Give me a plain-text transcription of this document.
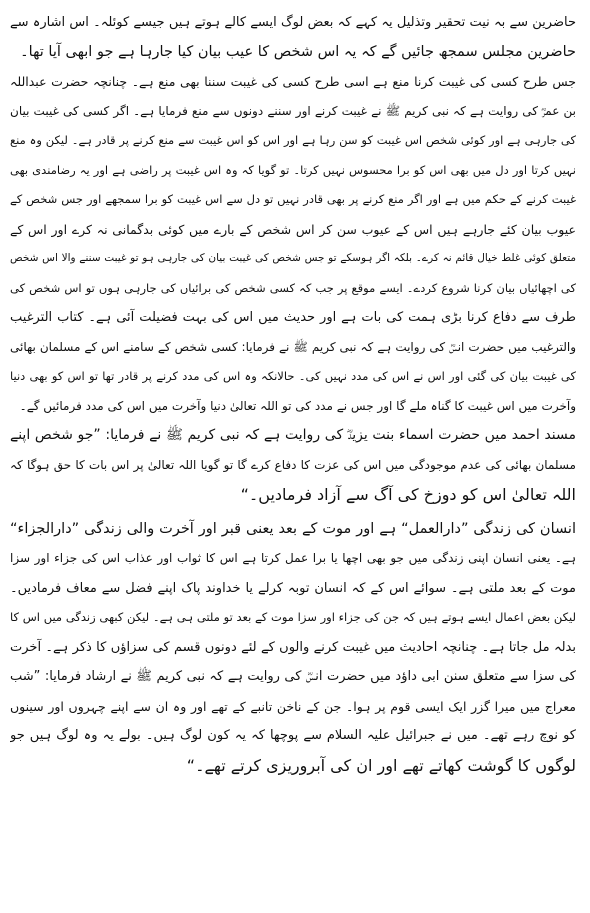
حاضرین سے بہ نیت تحقیر وتذلیل یہ کہے کہ بعض لوگ ایسے کالے ہوتے ہیں جیسے کوئلہ۔ اس اشارہ سے
حاضرین مجلس سمجھ جائیں گے کہ یہ اس شخص کا عیب بیان کیا جارہا ہے جو ابھی آیا تھا۔
جس طرح کسی کی غیبت کرنا منع ہے اسی طرح کسی کی غیبت سننا بھی منع ہے۔ چنانچہ حضرت عبداللہ
بن عمرؓ کی روایت ہے کہ نبی کریم ﷺ نے غیبت کرنے اور سننے دونوں سے منع فرمایا ہے۔ اگر کسی کی غیبت بیان
کی جارہی ہے اور کوئی شخص اس غیبت کو سن رہا ہے اور اس کو اس غیبت سے منع کرنے پر قادر ہے۔ لیکن وہ منع
نہیں کرتا اور دل میں بھی اس کو برا محسوس نہیں کرتا۔ تو گویا کہ وہ اس غیبت پر راضی ہے اور یہ رضامندی بھی
غیبت کرنے کے حکم میں ہے اور اگر منع کرنے پر بھی قادر نہیں تو دل سے اس غیبت کو برا سمجھے اور جس شخص کے
عیوب بیان کئے جارہے ہیں اس کے عیوب سن کر اس شخص کے بارے میں کوئی بدگمانی نہ کرے اور اس کے
متعلق کوئی غلط خیال قائم نہ کرے۔ بلکہ اگر ہوسکے تو جس شخص کی غیبت بیان کی جارہی ہو تو غیبت سننے والا اس شخص
کی اچھائیاں بیان کرنا شروع کردے۔ ایسے موقع پر جب کہ کسی شخص کی برائیاں کی جارہی ہوں تو اس شخص کی
طرف سے دفاع کرنا بڑی ہمت کی بات ہے اور حدیث میں اس کی بہت فضیلت آئی ہے۔ کتاب الترغیب
والترغیب میں حضرت انسؓ کی روایت ہے کہ نبی کریم ﷺ نے فرمایا: کسی شخص کے سامنے اس کے مسلمان بھائی
کی غیبت بیان کی گئی اور اس نے اس کی مدد نہیں کی۔ حالانکہ وہ اس کی مدد کرنے پر قادر تھا تو اس کو بھی دنیا
وآخرت میں اس غیبت کا گناہ ملے گا اور جس نے مدد کی تو اللہ تعالیٰ دنیا وآخرت میں اس کی مدد فرمائیں گے۔
مسند احمد میں حضرت اسماء بنت یزیدؓ کی روایت ہے کہ نبی کریم ﷺ نے فرمایا: ”جو شخص اپنے
مسلمان بھائی کی عدم موجودگی میں اس کی عزت کا دفاع کرے گا تو گویا اللہ تعالیٰ پر اس بات کا حق ہوگا کہ
اللہ تعالیٰ اس کو دوزخ کی آگ سے آزاد فرمادیں۔“
انسان کی زندگی ”دارالعمل“ ہے اور موت کے بعد یعنی قبر اور آخرت والی زندگی ”دارالجزاء“
ہے۔ یعنی انسان اپنی زندگی میں جو بھی اچھا یا برا عمل کرتا ہے اس کا ثواب اور عذاب اس کی جزاء اور سزا
موت کے بعد ملتی ہے۔ سوائے اس کے کہ انسان توبہ کرلے یا خداوند پاک اپنے فضل سے معاف فرمادیں۔
لیکن بعض اعمال ایسے ہوتے ہیں کہ جن کی جزاء اور سزا موت کے بعد تو ملتی ہی ہے۔ لیکن کبھی زندگی میں اس کا
بدلہ مل جاتا ہے۔ چنانچہ احادیث میں غیبت کرنے والوں کے لئے دونوں قسم کی سزاؤں کا ذکر ہے۔ آخرت
کی سزا سے متعلق سنن ابی داؤد میں حضرت انسؓ کی روایت ہے کہ نبی کریم ﷺ نے ارشاد فرمایا: ”شب
معراج میں میرا گزر ایک ایسی قوم پر ہوا۔ جن کے ناخن تانبے کے تھے اور وہ ان سے اپنے چہروں اور سینوں
کو نوچ رہے تھے۔ میں نے جبرائیل علیہ السلام سے پوچھا کہ یہ کون لوگ ہیں۔ بولے یہ وہ لوگ ہیں جو
لوگوں کا گوشت کھاتے تھے اور ان کی آبروریزی کرتے تھے۔“
